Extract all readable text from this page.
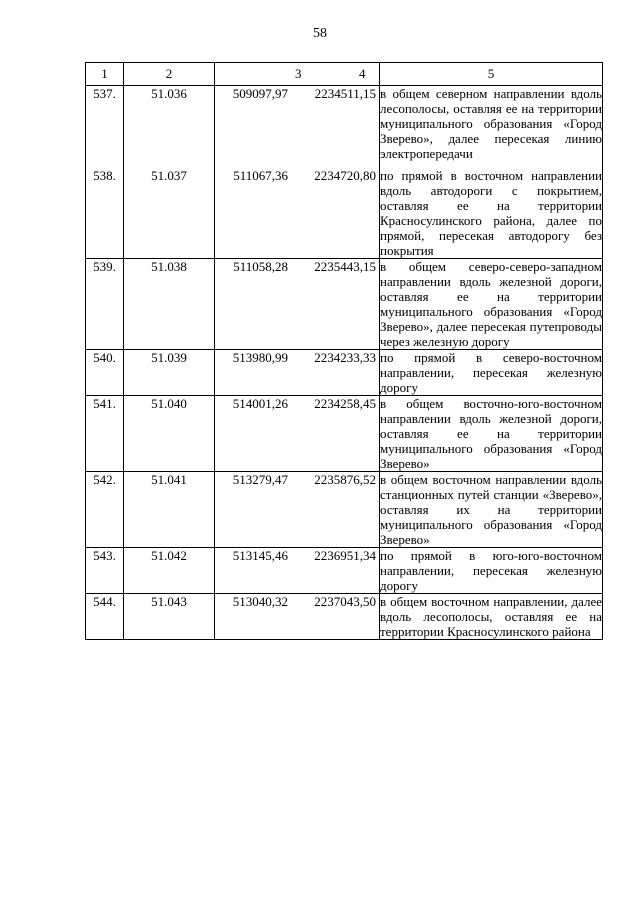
58
1	2	3 4	5
537.	51.036	509097,97 2234511,15	в общем северном направлении вдоль лесополосы, оставляя ее на территории муниципального образования «Город Зверево», далее пересекая линию электропередачи

538.	51.037	511067,36 2234720,80	по прямой в восточном направлении вдоль автодороги с покрытием, оставляя ее на территории Красносулинского района, далее по прямой, пересекая автодорогу без покрытия

539.	51.038	511058,28 2235443,15	в общем северо-северо-западном направлении вдоль железной дороги, оставляя ее на территории муниципального образования «Город Зверево», далее пересекая путепроводы через железную дорогу

540.	51.039	513980,99 2234233,33	по прямой в северо-восточном направлении, пересекая железную дорогу

541.	51.040	514001,26 2234258,45	в общем восточно-юго-восточном направлении вдоль железной дороги, оставляя ее на территории муниципального образования «Город Зверево»

542.	51.041	513279,47 2235876,52	в общем восточном направлении вдоль станционных путей станции «Зверево», оставляя их на территории муниципального образования «Город Зверево»

543.	51.042	513145,46 2236951,34	по прямой в юго-юго-восточном направлении, пересекая железную дорогу

544.	51.043	513040,32 2237043,50	в общем восточном направлении, далее вдоль лесополосы, оставляя ее на территории Красносулинского района
